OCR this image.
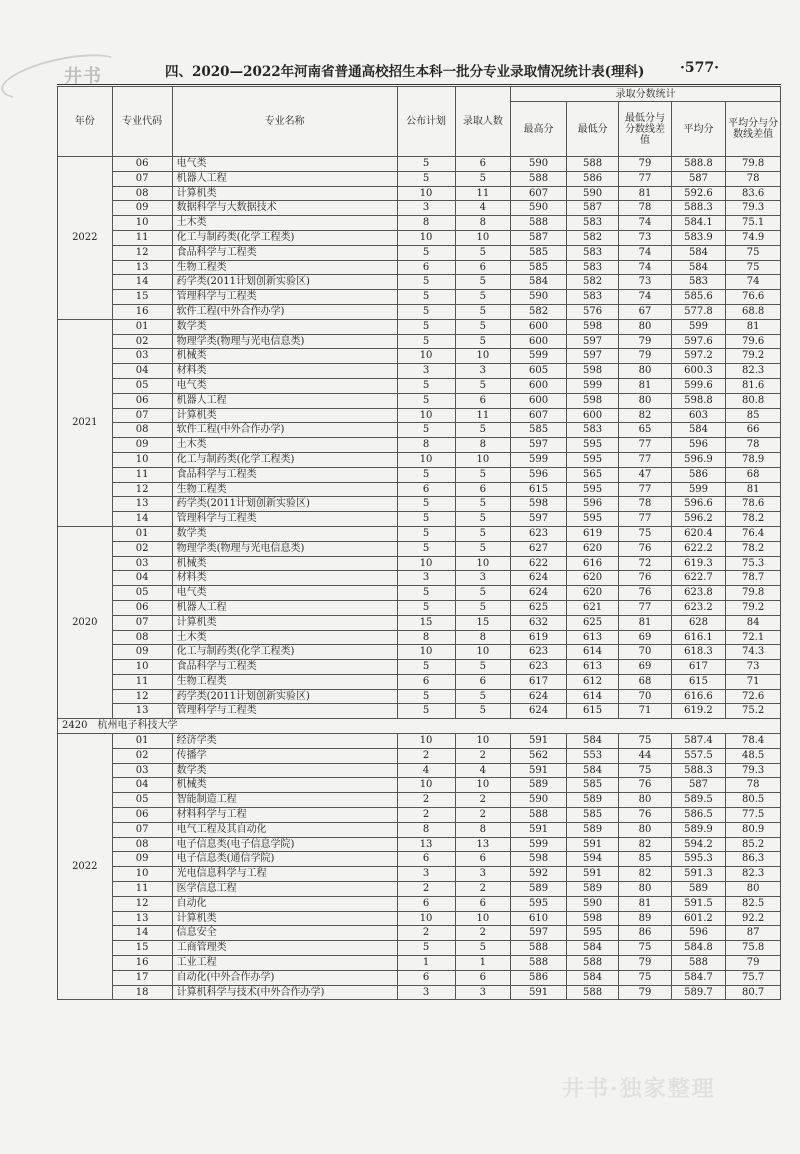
井书	四、2020—2022年河南省普通高校招生本科一批分专业录取情况统计表(理科)	·577·
年份	专业代码	专业名称	公布计划	录取人数	录取分数统计				
					最高分	最低分	最低分与分数线差值	平均分	平均分与分数线差值
2022	06	电气类	5	6	590	588	79	588.8	79.8
	07	机器人工程	5	5	588	586	77	587	78
	08	计算机类	10	11	607	590	81	592.6	83.6
	09	数据科学与大数据技术	3	4	590	587	78	588.3	79.3
	10	土木类	8	8	588	583	74	584.1	75.1
	11	化工与制药类(化学工程类)	10	10	587	582	73	583.9	74.9
	12	食品科学与工程类	5	5	585	583	74	584	75
	13	生物工程类	6	6	585	583	74	584	75
	14	药学类(2011计划创新实验区)	5	5	584	582	73	583	74
	15	管理科学与工程类	5	5	590	583	74	585.6	76.6
	16	软件工程(中外合作办学)	5	5	582	576	67	577.8	68.8
2021	01	数学类	5	5	600	598	80	599	81
	02	物理学类(物理与光电信息类)	5	5	600	597	79	597.6	79.6
	03	机械类	10	10	599	597	79	597.2	79.2
	04	材料类	3	3	605	598	80	600.3	82.3
	05	电气类	5	5	600	599	81	599.6	81.6
	06	机器人工程	5	6	600	598	80	598.8	80.8
	07	计算机类	10	11	607	600	82	603	85
	08	软件工程(中外合作办学)	5	5	585	583	65	584	66
	09	土木类	8	8	597	595	77	596	78
	10	化工与制药类(化学工程类)	10	10	599	595	77	596.9	78.9
	11	食品科学与工程类	5	5	596	565	47	586	68
	12	生物工程类	6	6	615	595	77	599	81
	13	药学类(2011计划创新实验区)	5	5	598	596	78	596.6	78.6
	14	管理科学与工程类	5	5	597	595	77	596.2	78.2
2020	01	数学类	5	5	623	619	75	620.4	76.4
	02	物理学类(物理与光电信息类)	5	5	627	620	76	622.2	78.2
	03	机械类	10	10	622	616	72	619.3	75.3
	04	材料类	3	3	624	620	76	622.7	78.7
	05	电气类	5	5	624	620	76	623.8	79.8
	06	机器人工程	5	5	625	621	77	623.2	79.2
	07	计算机类	15	15	632	625	81	628	84
	08	土木类	8	8	619	613	69	616.1	72.1
	09	化工与制药类(化学工程类)	10	10	623	614	70	618.3	74.3
	10	食品科学与工程类	5	5	623	613	69	617	73
	11	生物工程类	6	6	617	612	68	615	71
	12	药学类(2011计划创新实验区)	5	5	624	614	70	616.6	72.6
	13	管理科学与工程类	5	5	624	615	71	619.2	75.2
2420 杭州电子科技大学									
2022	01	经济学类	10	10	591	584	75	587.4	78.4
	02	传播学	2	2	562	553	44	557.5	48.5
	03	数学类	4	4	591	584	75	588.3	79.3
	04	机械类	10	10	589	585	76	587	78
	05	智能制造工程	2	2	590	589	80	589.5	80.5
	06	材料科学与工程	2	2	588	585	76	586.5	77.5
	07	电气工程及其自动化	8	8	591	589	80	589.9	80.9
	08	电子信息类(电子信息学院)	13	13	599	591	82	594.2	85.2
	09	电子信息类(通信学院)	6	6	598	594	85	595.3	86.3
	10	光电信息科学与工程	3	3	592	591	82	591.3	82.3
	11	医学信息工程	2	2	589	589	80	589	80
	12	自动化	6	6	595	590	81	591.5	82.5
	13	计算机类	10	10	610	598	89	601.2	92.2
	14	信息安全	2	2	597	595	86	596	87
	15	工商管理类	5	5	588	584	75	584.8	75.8
	16	工业工程	1	1	588	588	79	588	79
	17	自动化(中外合作办学)	6	6	586	584	75	584.7	75.7
	18	计算机科学与技术(中外合作办学)	3	3	591	588	79	589.7	80.7
井书·独家整理
